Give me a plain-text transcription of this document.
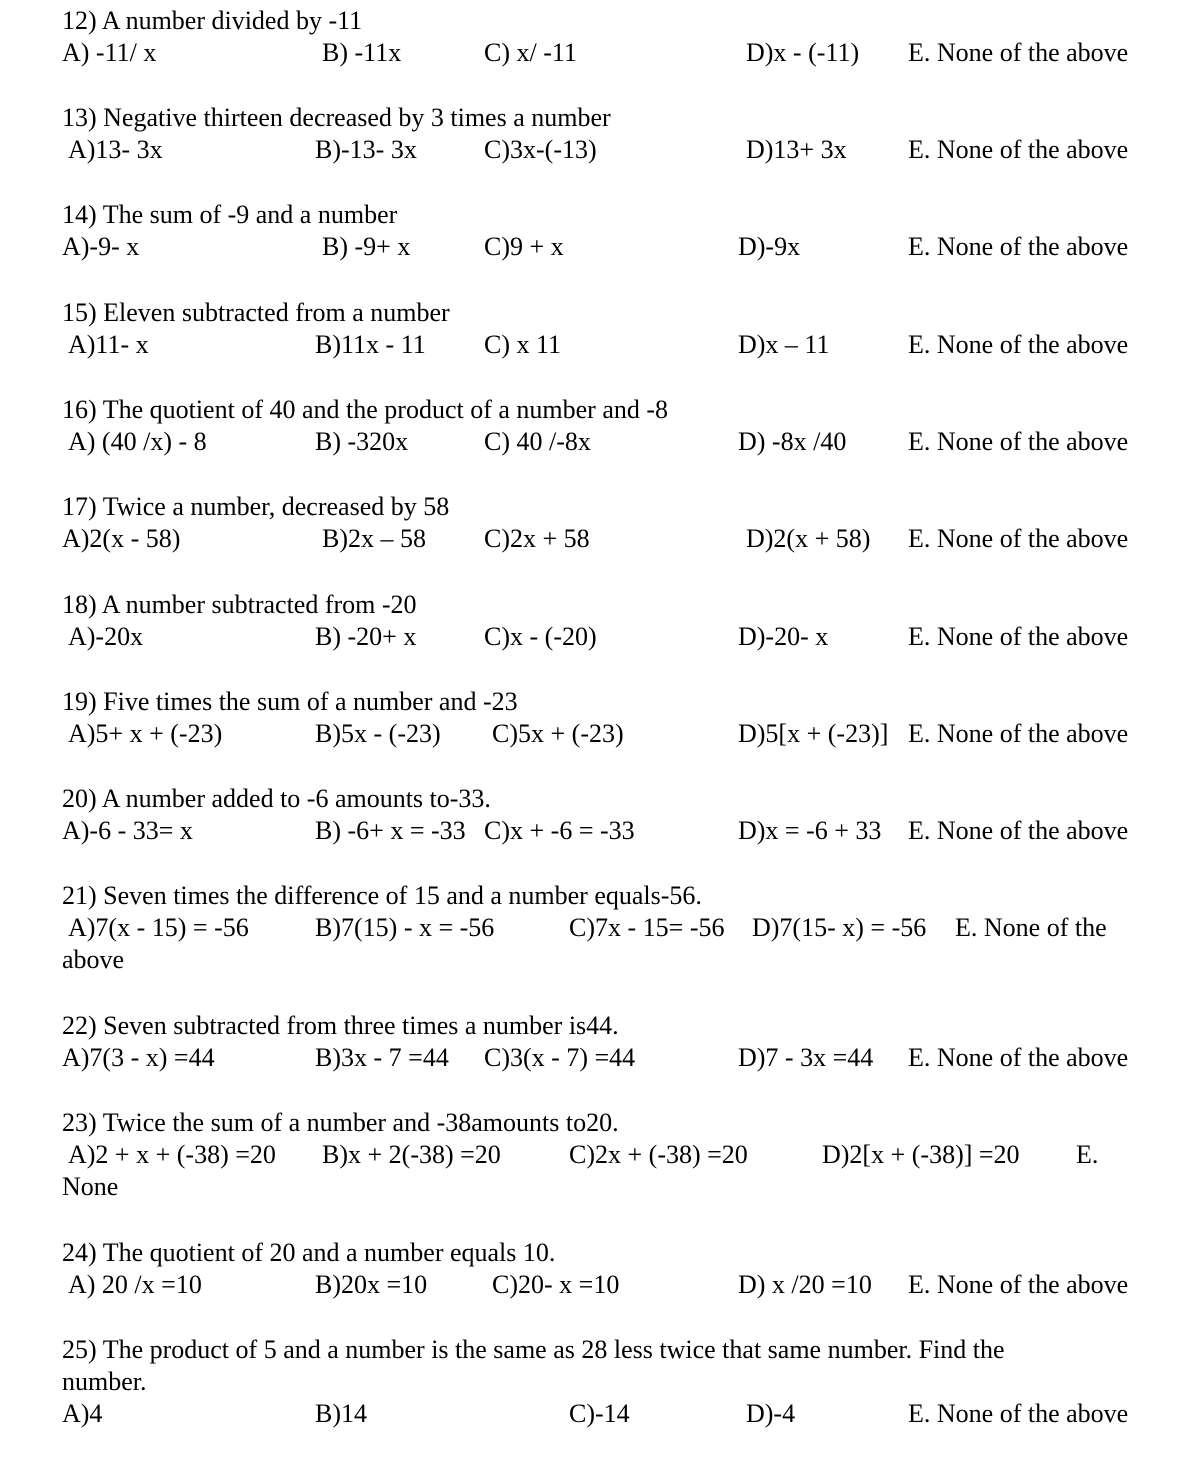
12) A number divided by -11
A) -11/ x	B) -11x	C) x/ -11	D)x - (-11) E. None of the above
13) Negative thirteen decreased by 3 times a number
A)13- 3x	B)-13- 3x	C)3x-(-13)	D)13+ 3x E. None of the above
14) The sum of -9 and a number
A)-9- x	B) -9+ x	C)9 + x	D)-9x	E. None of the above
15) Eleven subtracted from a number
A)11- x	B)11x - 11 C) x 11	D)x – 11	E. None of the above
16) The quotient of 40 and the product of a number and -8
A) (40 /x) - 8	B) -320x	C) 40 /-8x	D) -8x /40 E. None of the above
17) Twice a number, decreased by 58
A)2(x - 58)	B)2x – 58 C)2x + 58	D)2(x + 58) E. None of the above
18) A number subtracted from -20
A)-20x	B) -20+ x	C)x - (-20)	D)-20- x	E. None of the above
19) Five times the sum of a number and -23
A)5+ x + (-23)	B)5x - (-23) C)5x + (-23)	D)5[x + (-23)] E. None of the above
20) A number added to -6 amounts to-33.
A)-6 - 33= x	B) -6+ x = -33 C)x + -6 = -33	D)x = -6 + 33 E. None of the above
21) Seven times the difference of 15 and a number equals-56.
A)7(x - 15) = -56	B)7(15) - x = -56	C)7x - 15= -56 D)7(15- x) = -56 E. None of the
above
22) Seven subtracted from three times a number is44.
A)7(3 - x) =44	B)3x - 7 =44 C)3(x - 7) =44	D)7 - 3x =44 E. None of the above
23) Twice the sum of a number and -38amounts to20.
A)2 + x + (-38) =20 B)x + 2(-38) =20	C)2x + (-38) =20	D)2[x + (-38)] =20 E.
None
24) The quotient of 20 and a number equals 10.
A) 20 /x =10	B)20x =10 C)20- x =10	D) x /20 =10 E. None of the above
25) The product of 5 and a number is the same as 28 less twice that same number. Find the
number.
A)4	B)14	C)-14	D)-4	E. None of the above
